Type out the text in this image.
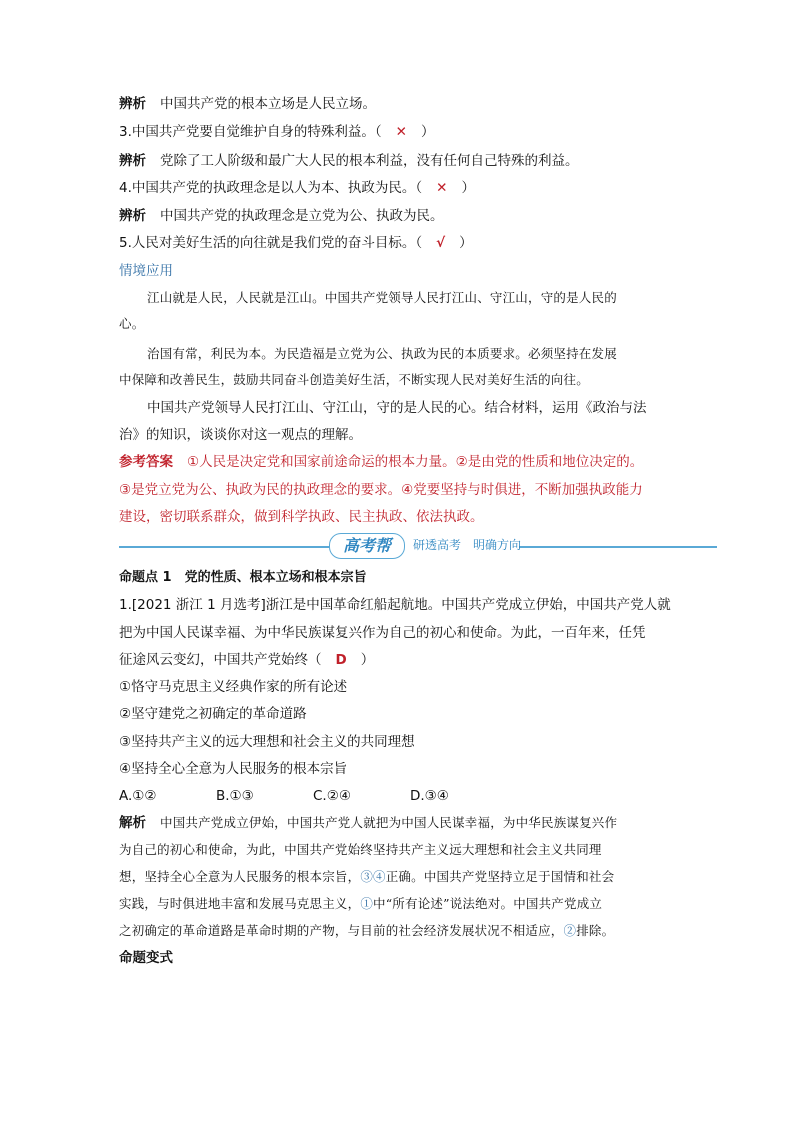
辨析 中国共产党的根本立场是人民立场。
3.中国共产党要自觉维护自身的特殊利益。（ ✕ ）
辨析 党除了工人阶级和最广大人民的根本利益，没有任何自己特殊的利益。
4.中国共产党的执政理念是以人为本、执政为民。（ ✕ ）
辨析 中国共产党的执政理念是立党为公、执政为民。
5.人民对美好生活的向往就是我们党的奋斗目标。（ √ ）
情境应用
江山就是人民，人民就是江山。中国共产党领导人民打江山、守江山，守的是人民的
心。
治国有常，利民为本。为民造福是立党为公、执政为民的本质要求。必须坚持在发展
中保障和改善民生，鼓励共同奋斗创造美好生活，不断实现人民对美好生活的向往。
中国共产党领导人民打江山、守江山，守的是人民的心。结合材料，运用《政治与法
治》的知识，谈谈你对这一观点的理解。
参考答案 ①人民是决定党和国家前途命运的根本力量。②是由党的性质和地位决定的。
③是党立党为公、执政为民的执政理念的要求。④党要坚持与时俱进，不断加强执政能力
建设，密切联系群众，做到科学执政、民主执政、依法执政。
高考帮	研透高考　明确方向
命题点 1　党的性质、根本立场和根本宗旨
1.[2021 浙江 1 月选考]浙江是中国革命红船起航地。中国共产党成立伊始，中国共产党人就
把为中国人民谋幸福、为中华民族谋复兴作为自己的初心和使命。为此，一百年来，任凭
征途风云变幻，中国共产党始终（ D ）
①恪守马克思主义经典作家的所有论述
②坚守建党之初确定的革命道路
③坚持共产主义的远大理想和社会主义的共同理想
④坚持全心全意为人民服务的根本宗旨
A.①②	B.①③	C.②④	D.③④
解析 中国共产党成立伊始，中国共产党人就把为中国人民谋幸福，为中华民族谋复兴作
为自己的初心和使命，为此，中国共产党始终坚持共产主义远大理想和社会主义共同理
想，坚持全心全意为人民服务的根本宗旨，③④正确。中国共产党坚持立足于国情和社会
实践，与时俱进地丰富和发展马克思主义，①中“所有论述”说法绝对。中国共产党成立
之初确定的革命道路是革命时期的产物，与目前的社会经济发展状况不相适应，②排除。
命题变式
